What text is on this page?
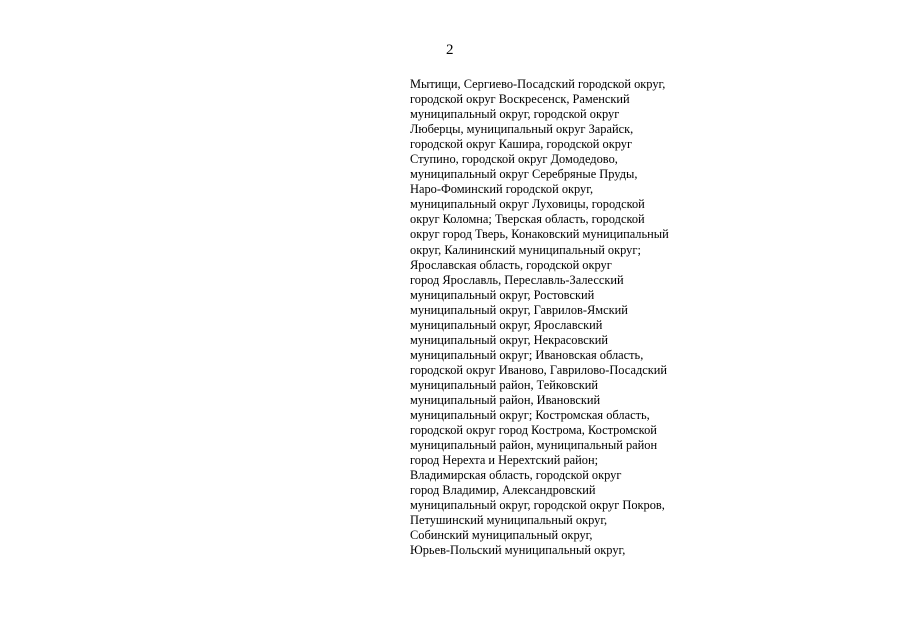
2
Мытищи, Сергиево-Посадский городской округ,
городской округ Воскресенск, Раменский
муниципальный округ, городской округ
Люберцы, муниципальный округ Зарайск,
городской округ Кашира, городской округ
Ступино, городской округ Домодедово,
муниципальный округ Серебряные Пруды,
Наро-Фоминский городской округ,
муниципальный округ Луховицы, городской
округ Коломна; Тверская область, городской
округ город Тверь, Конаковский муниципальный
округ, Калининский муниципальный округ;
Ярославская область, городской округ
город Ярославль, Переславль-Залесский
муниципальный округ, Ростовский
муниципальный округ, Гаврилов-Ямский
муниципальный округ, Ярославский
муниципальный округ, Некрасовский
муниципальный округ; Ивановская область,
городской округ Иваново, Гаврилово-Посадский
муниципальный район, Тейковский
муниципальный район, Ивановский
муниципальный округ; Костромская область,
городской округ город Кострома, Костромской
муниципальный район, муниципальный район
город Нерехта и Нерехтский район;
Владимирская область, городской округ
город Владимир, Александровский
муниципальный округ, городской округ Покров,
Петушинский муниципальный округ,
Собинский муниципальный округ,
Юрьев-Польский муниципальный округ,
